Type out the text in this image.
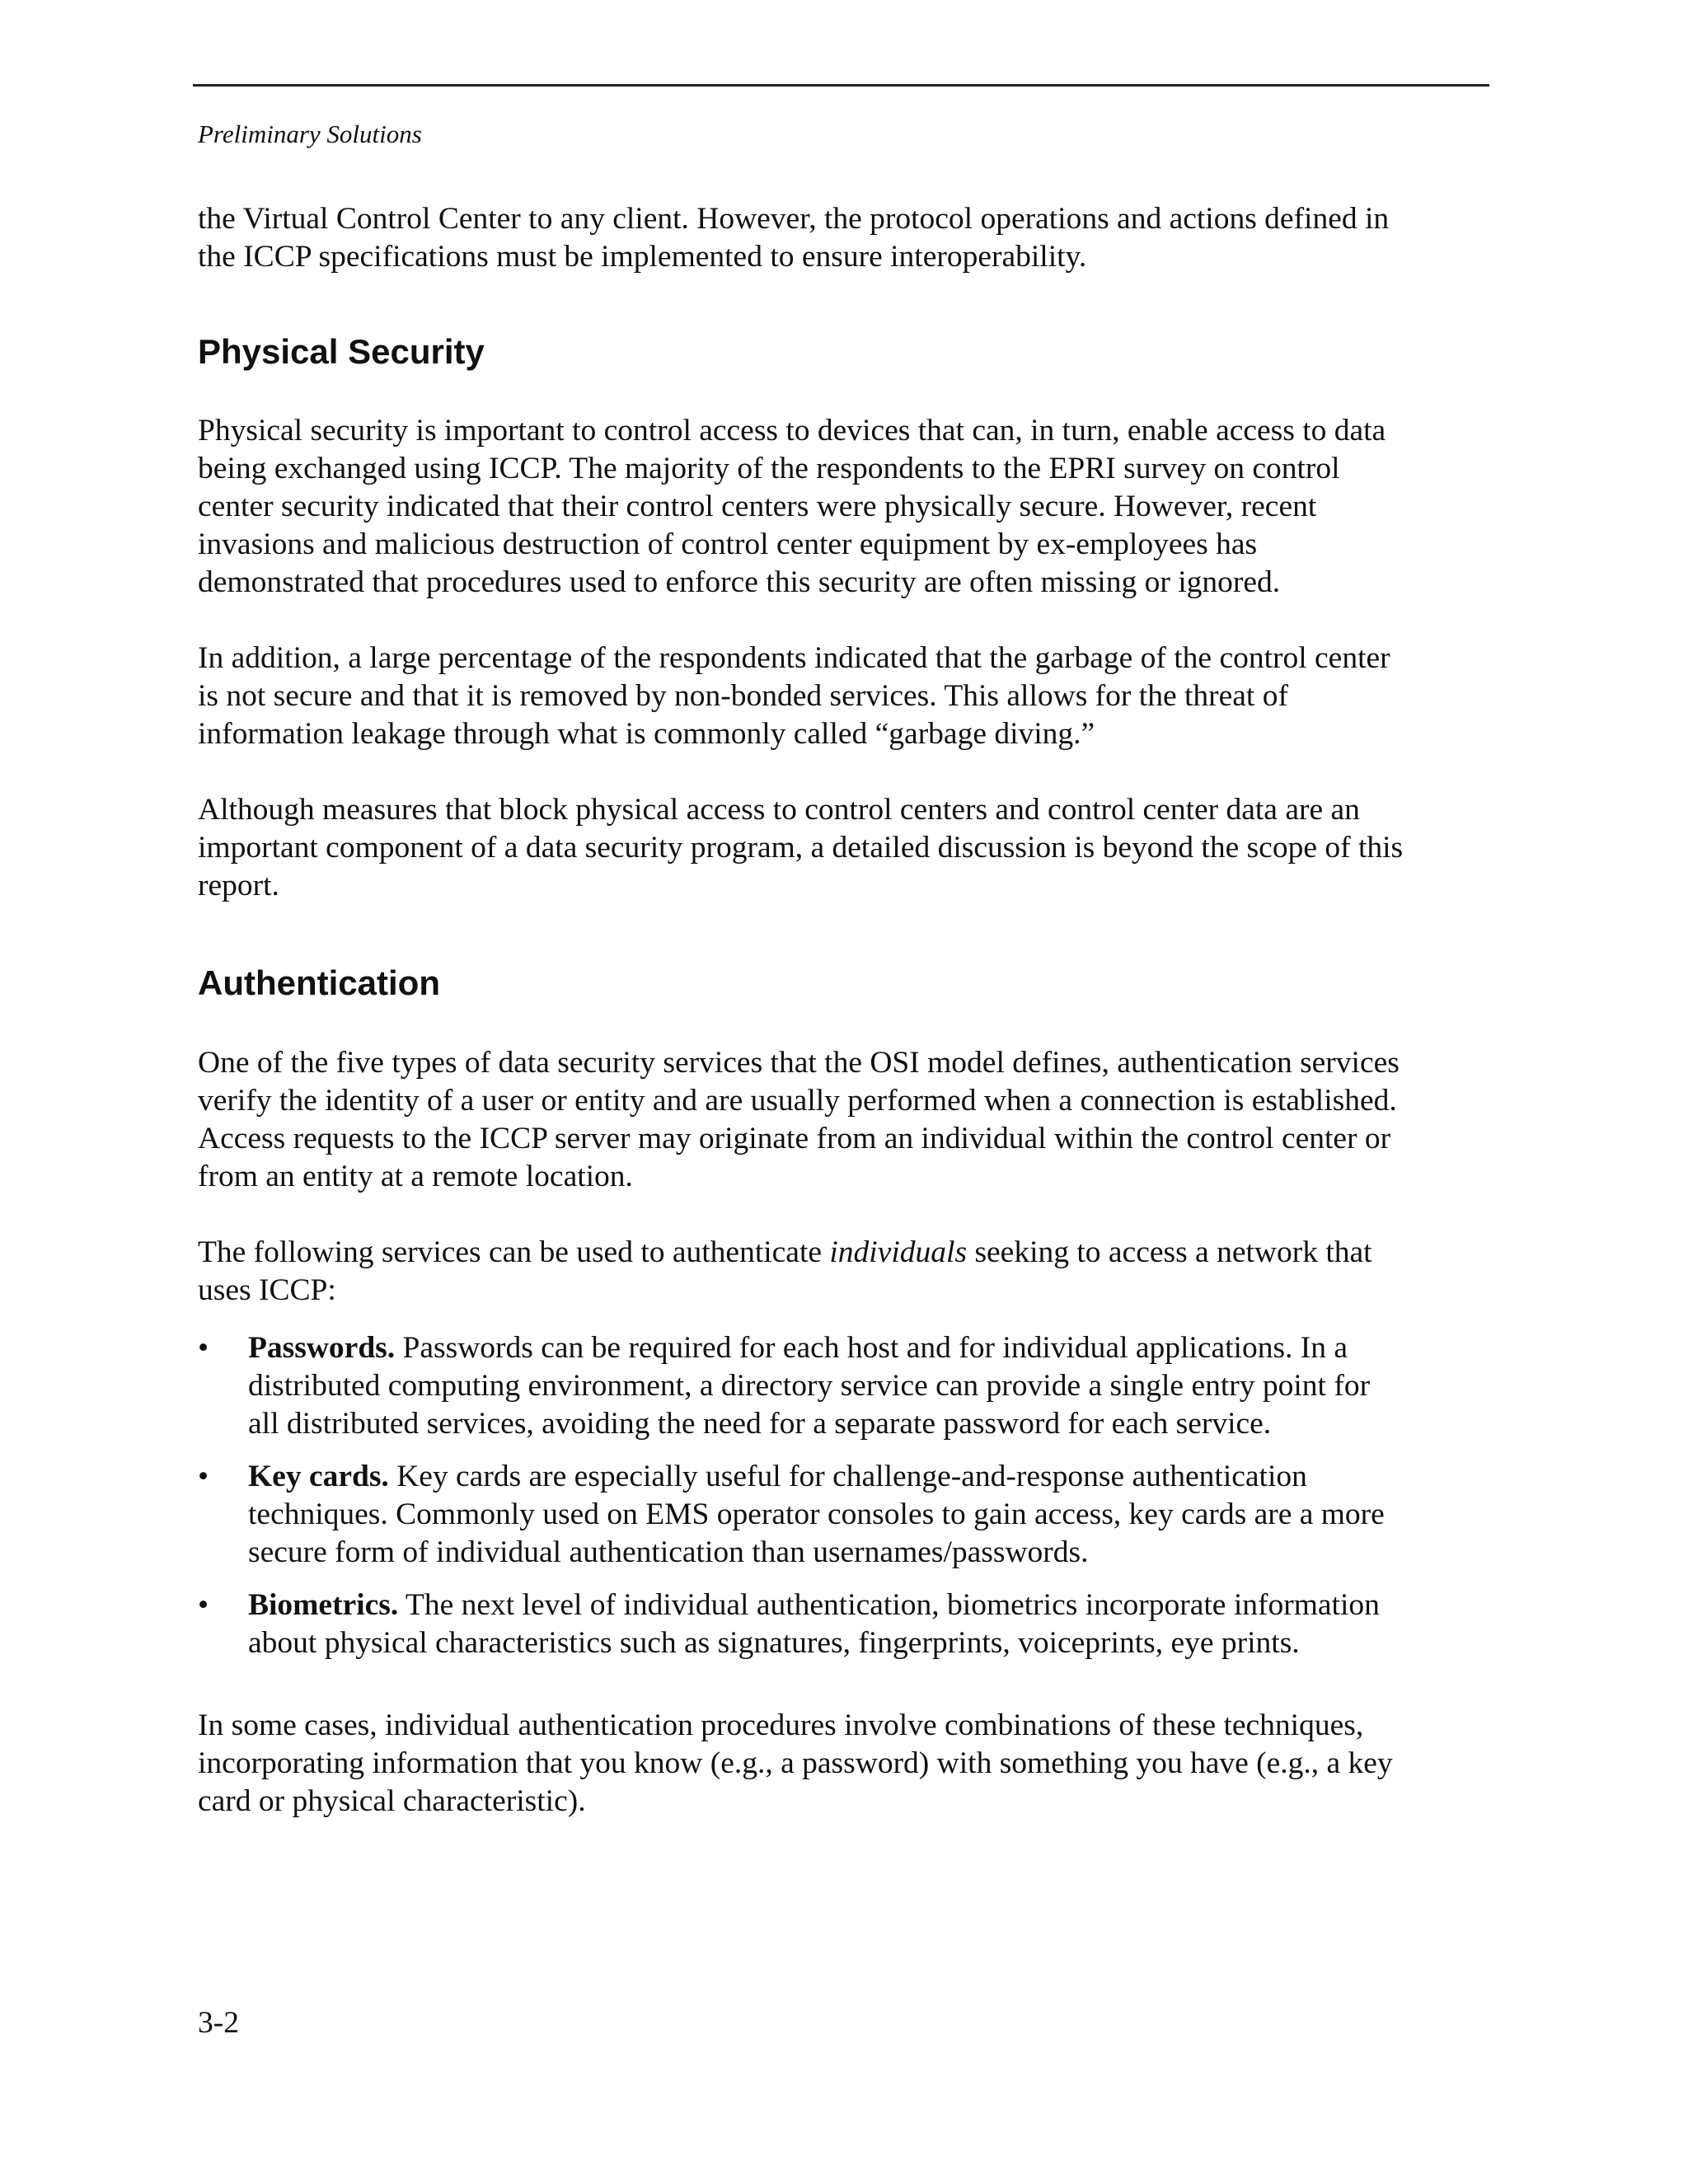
Preliminary Solutions

the Virtual Control Center to any client. However, the protocol operations and actions defined in
the ICCP specifications must be implemented to ensure interoperability.

Physical Security

Physical security is important to control access to devices that can, in turn, enable access to data
being exchanged using ICCP. The majority of the respondents to the EPRI survey on control
center security indicated that their control centers were physically secure. However, recent
invasions and malicious destruction of control center equipment by ex-employees has
demonstrated that procedures used to enforce this security are often missing or ignored.

In addition, a large percentage of the respondents indicated that the garbage of the control center
is not secure and that it is removed by non-bonded services. This allows for the threat of
information leakage through what is commonly called “garbage diving.”

Although measures that block physical access to control centers and control center data are an
important component of a data security program, a detailed discussion is beyond the scope of this
report.

Authentication

One of the five types of data security services that the OSI model defines, authentication services
verify the identity of a user or entity and are usually performed when a connection is established.
Access requests to the ICCP server may originate from an individual within the control center or
from an entity at a remote location.

The following services can be used to authenticate individuals seeking to access a network that
uses ICCP:

•	Passwords. Passwords can be required for each host and for individual applications. In a
distributed computing environment, a directory service can provide a single entry point for
all distributed services, avoiding the need for a separate password for each service.
•	Key cards. Key cards are especially useful for challenge-and-response authentication
techniques. Commonly used on EMS operator consoles to gain access, key cards are a more
secure form of individual authentication than usernames/passwords.
•	Biometrics. The next level of individual authentication, biometrics incorporate information
about physical characteristics such as signatures, fingerprints, voiceprints, eye prints.

In some cases, individual authentication procedures involve combinations of these techniques,
incorporating information that you know (e.g., a password) with something you have (e.g., a key
card or physical characteristic).

3-2
